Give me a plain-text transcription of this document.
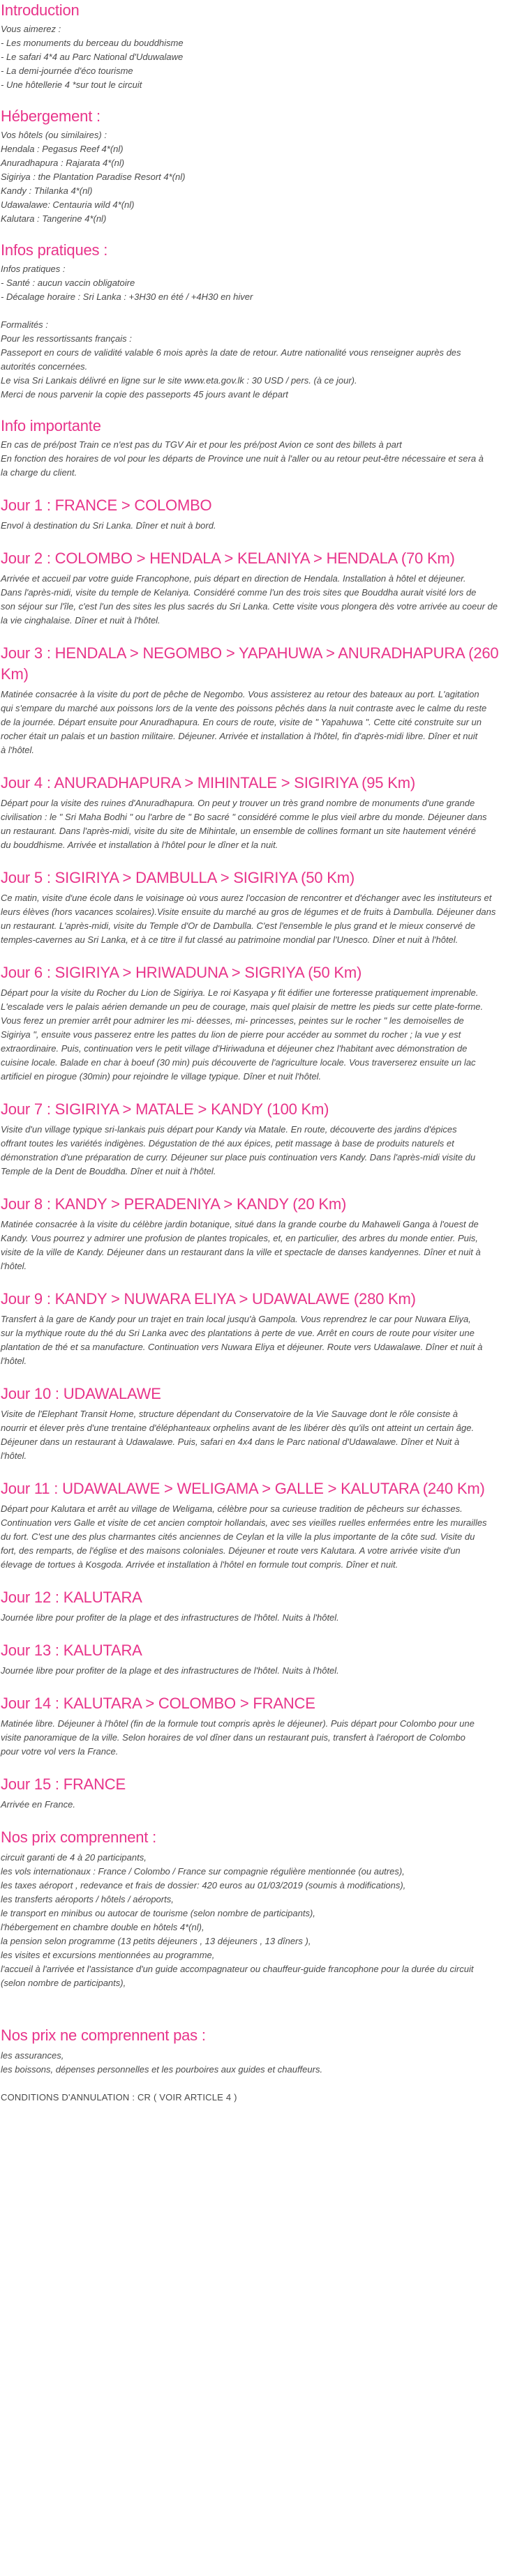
Introduction
Vous aimerez :
- Les monuments du berceau du bouddhisme
- Le safari 4*4 au Parc National d'Uduwalawe
- La demi-journée d'éco tourisme
- Une hôtellerie 4 *sur tout le circuit
Hébergement :
Vos hôtels (ou similaires) :
Hendala : Pegasus Reef 4*(nl)
Anuradhapura : Rajarata 4*(nl)
Sigiriya : the Plantation Paradise Resort 4*(nl)
Kandy : Thilanka 4*(nl)
Udawalawe: Centauria wild 4*(nl)
Kalutara : Tangerine 4*(nl)
Infos pratiques :
Infos pratiques :
- Santé : aucun vaccin obligatoire
- Décalage horaire : Sri Lanka : +3H30 en été / +4H30 en hiver
Formalités :
Pour les ressortissants français :
Passeport en cours de validité valable 6 mois après la date de retour. Autre nationalité vous renseigner auprès des
autorités concernées.
Le visa Sri Lankais délivré en ligne sur le site www.eta.gov.lk : 30 USD / pers. (à ce jour).
Merci de nous parvenir la copie des passeports 45 jours avant le départ
Info importante
En cas de pré/post Train ce n'est pas du TGV Air et pour les pré/post Avion ce sont des billets à part
En fonction des horaires de vol pour les départs de Province une nuit à l'aller ou au retour peut-être nécessaire et sera à
la charge du client.
Jour 1 : FRANCE > COLOMBO
Envol à destination du Sri Lanka. Dîner et nuit à bord.
Jour 2 : COLOMBO > HENDALA > KELANIYA > HENDALA (70 Km)
Arrivée et accueil par votre guide Francophone, puis départ en direction de Hendala. Installation à hôtel et déjeuner.
Dans l'après-midi, visite du temple de Kelaniya. Considéré comme l'un des trois sites que Bouddha aurait visité lors de
son séjour sur l'île, c'est l'un des sites les plus sacrés du Sri Lanka. Cette visite vous plongera dès votre arrivée au coeur de
la vie cinghalaise. Dîner et nuit à l'hôtel.
Jour 3 : HENDALA > NEGOMBO > YAPAHUWA > ANURADHAPURA (260
Km)
Matinée consacrée à la visite du port de pêche de Negombo. Vous assisterez au retour des bateaux au port. L'agitation
qui s'empare du marché aux poissons lors de la vente des poissons pêchés dans la nuit contraste avec le calme du reste
de la journée. Départ ensuite pour Anuradhapura. En cours de route, visite de " Yapahuwa ". Cette cité construite sur un
rocher était un palais et un bastion militaire. Déjeuner. Arrivée et installation à l'hôtel, fin d'après-midi libre. Dîner et nuit
à l'hôtel.
Jour 4 : ANURADHAPURA > MIHINTALE > SIGIRIYA (95 Km)
Départ pour la visite des ruines d'Anuradhapura. On peut y trouver un très grand nombre de monuments d'une grande
civilisation : le " Sri Maha Bodhi " ou l'arbre de " Bo sacré " considéré comme le plus vieil arbre du monde. Déjeuner dans
un restaurant. Dans l'après-midi, visite du site de Mihintale, un ensemble de collines formant un site hautement vénéré
du bouddhisme. Arrivée et installation à l'hôtel pour le dîner et la nuit.
Jour 5 : SIGIRIYA > DAMBULLA > SIGIRIYA (50 Km)
Ce matin, visite d'une école dans le voisinage où vous aurez l'occasion de rencontrer et d'échanger avec les instituteurs et
leurs élèves (hors vacances scolaires).Visite ensuite du marché au gros de légumes et de fruits à Dambulla. Déjeuner dans
un restaurant. L'après-midi, visite du Temple d'Or de Dambulla. C'est l'ensemble le plus grand et le mieux conservé de
temples-cavernes au Sri Lanka, et à ce titre il fut classé au patrimoine mondial par l'Unesco. Dîner et nuit à l'hôtel.
Jour 6 : SIGIRIYA > HRIWADUNA > SIGRIYA (50 Km)
Départ pour la visite du Rocher du Lion de Sigiriya. Le roi Kasyapa y fit édifier une forteresse pratiquement imprenable.
L'escalade vers le palais aérien demande un peu de courage, mais quel plaisir de mettre les pieds sur cette plate-forme.
Vous ferez un premier arrêt pour admirer les mi- déesses, mi- princesses, peintes sur le rocher " les demoiselles de
Sigiriya ", ensuite vous passerez entre les pattes du lion de pierre pour accéder au sommet du rocher ; la vue y est
extraordinaire. Puis, continuation vers le petit village d'Hiriwaduna et déjeuner chez l'habitant avec démonstration de
cuisine locale. Balade en char à boeuf (30 min) puis découverte de l'agriculture locale. Vous traverserez ensuite un lac
artificiel en pirogue (30min) pour rejoindre le village typique. Dîner et nuit l'hôtel.
Jour 7 : SIGIRIYA > MATALE > KANDY (100 Km)
Visite d'un village typique sri-lankais puis départ pour Kandy via Matale. En route, découverte des jardins d'épices
offrant toutes les variétés indigènes. Dégustation de thé aux épices, petit massage à base de produits naturels et
démonstration d'une préparation de curry. Déjeuner sur place puis continuation vers Kandy. Dans l'après-midi visite du
Temple de la Dent de Bouddha. Dîner et nuit à l'hôtel.
Jour 8 : KANDY > PERADENIYA > KANDY (20 Km)
Matinée consacrée à la visite du célèbre jardin botanique, situé dans la grande courbe du Mahaweli Ganga à l'ouest de
Kandy. Vous pourrez y admirer une profusion de plantes tropicales, et, en particulier, des arbres du monde entier. Puis,
visite de la ville de Kandy. Déjeuner dans un restaurant dans la ville et spectacle de danses kandyennes. Dîner et nuit à
l'hôtel.
Jour 9 : KANDY > NUWARA ELIYA > UDAWALAWE (280 Km)
Transfert à la gare de Kandy pour un trajet en train local jusqu'à Gampola. Vous reprendrez le car pour Nuwara Eliya,
sur la mythique route du thé du Sri Lanka avec des plantations à perte de vue. Arrêt en cours de route pour visiter une
plantation de thé et sa manufacture. Continuation vers Nuwara Eliya et déjeuner. Route vers Udawalawe. Dîner et nuit à
l'hôtel.
Jour 10 : UDAWALAWE
Visite de l'Elephant Transit Home, structure dépendant du Conservatoire de la Vie Sauvage dont le rôle consiste à
nourrir et élever près d'une trentaine d'éléphanteaux orphelins avant de les libérer dès qu'ils ont atteint un certain âge.
Déjeuner dans un restaurant à Udawalawe. Puis, safari en 4x4 dans le Parc national d'Udawalawe. Dîner et Nuit à
l'hôtel.
Jour 11 : UDAWALAWE > WELIGAMA > GALLE > KALUTARA (240 Km)
Départ pour Kalutara et arrêt au village de Weligama, célèbre pour sa curieuse tradition de pêcheurs sur échasses.
Continuation vers Galle et visite de cet ancien comptoir hollandais, avec ses vieilles ruelles enfermées entre les murailles
du fort. C'est une des plus charmantes cités anciennes de Ceylan et la ville la plus importante de la côte sud. Visite du
fort, des remparts, de l'église et des maisons coloniales. Déjeuner et route vers Kalutara. A votre arrivée visite d'un
élevage de tortues à Kosgoda. Arrivée et installation à l'hôtel en formule tout compris. Dîner et nuit.
Jour 12 : KALUTARA
Journée libre pour profiter de la plage et des infrastructures de l'hôtel. Nuits à l'hôtel.
Jour 13 : KALUTARA
Journée libre pour profiter de la plage et des infrastructures de l'hôtel. Nuits à l'hôtel.
Jour 14 : KALUTARA > COLOMBO > FRANCE
Matinée libre. Déjeuner à l'hôtel (fin de la formule tout compris après le déjeuner). Puis départ pour Colombo pour une
visite panoramique de la ville. Selon horaires de vol dîner dans un restaurant puis, transfert à l'aéroport de Colombo
pour votre vol vers la France.
Jour 15 : FRANCE
Arrivée en France.
Nos prix comprennent :
circuit garanti de 4 à 20 participants,
les vols internationaux : France / Colombo / France sur compagnie régulière mentionnée (ou autres),
les taxes aéroport , redevance et frais de dossier: 420 euros au 01/03/2019 (soumis à modifications),
les transferts aéroports / hôtels / aéroports,
le transport en minibus ou autocar de tourisme (selon nombre de participants),
l'hébergement en chambre double en hôtels 4*(nl),
la pension selon programme (13 petits déjeuners , 13 déjeuners , 13 dîners ),
les visites et excursions mentionnées au programme,
l'accueil à l'arrivée et l'assistance d'un guide accompagnateur ou chauffeur-guide francophone pour la durée du circuit
(selon nombre de participants),
Nos prix ne comprennent pas :
les assurances,
les boissons, dépenses personnelles et les pourboires aux guides et chauffeurs.
CONDITIONS D'ANNULATION : CR ( VOIR ARTICLE 4 )
